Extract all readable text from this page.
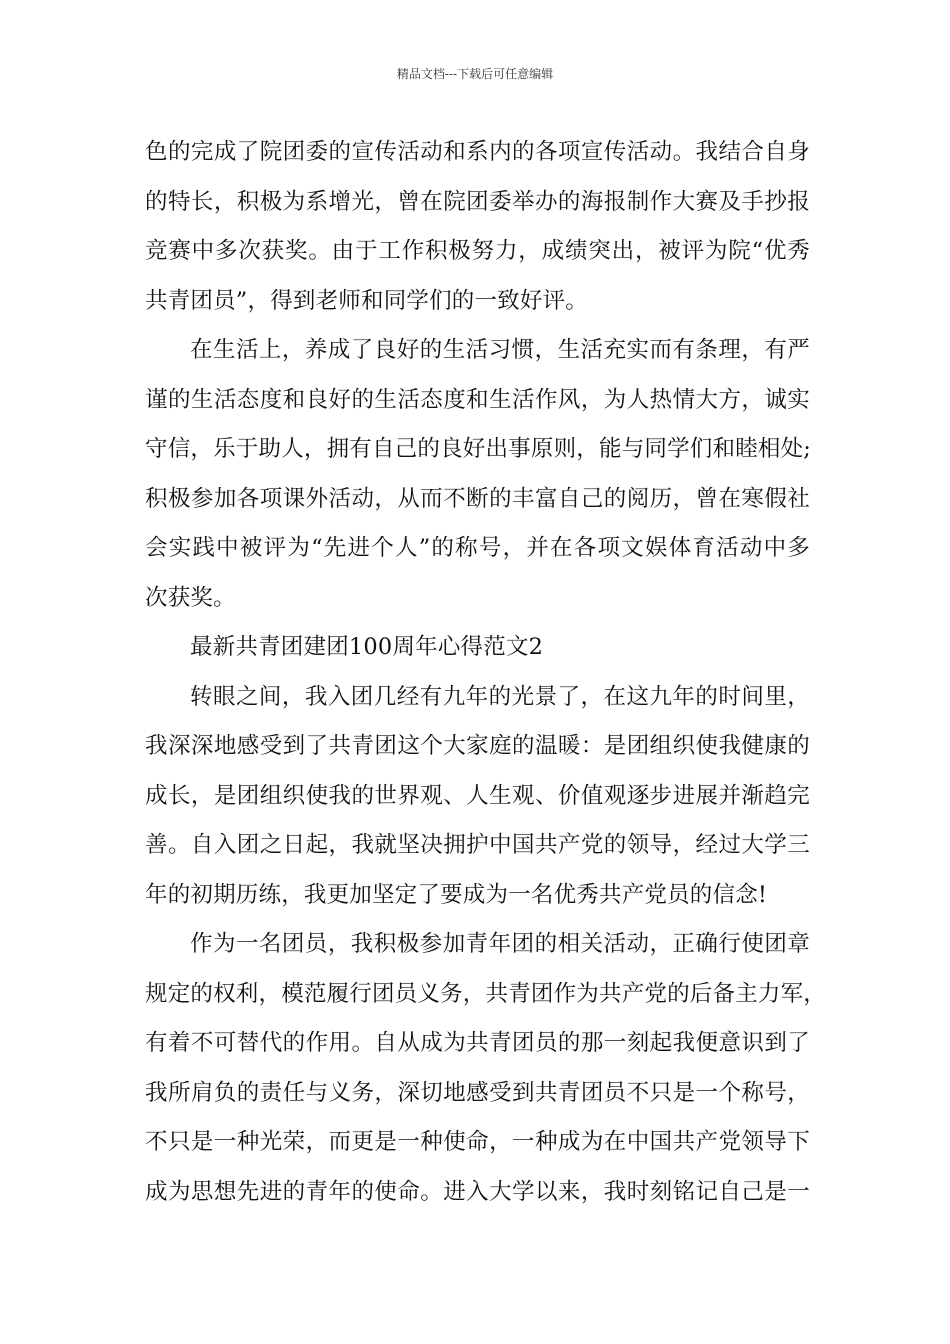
精品文档---下载后可任意编辑
色的完成了院团委的宣传活动和系内的各项宣传活动。我结合自身
的特长，积极为系增光，曾在院团委举办的海报制作大赛及手抄报
竞赛中多次获奖。由于工作积极努力，成绩突出，被评为院“优秀
共青团员”，得到老师和同学们的一致好评。
在生活上，养成了良好的生活习惯，生活充实而有条理，有严
谨的生活态度和良好的生活态度和生活作风，为人热情大方，诚实
守信，乐于助人，拥有自己的良好出事原则，能与同学们和睦相处;
积极参加各项课外活动，从而不断的丰富自己的阅历，曾在寒假社
会实践中被评为“先进个人”的称号，并在各项文娱体育活动中多
次获奖。
最新共青团建团100周年心得范文2
转眼之间，我入团几经有九年的光景了，在这九年的时间里，
我深深地感受到了共青团这个大家庭的温暖：是团组织使我健康的
成长，是团组织使我的世界观、人生观、价值观逐步进展并渐趋完
善。自入团之日起，我就坚决拥护中国共产党的领导，经过大学三
年的初期历练，我更加坚定了要成为一名优秀共产党员的信念!
作为一名团员，我积极参加青年团的相关活动，正确行使团章
规定的权利，模范履行团员义务，共青团作为共产党的后备主力军，
有着不可替代的作用。自从成为共青团员的那一刻起我便意识到了
我所肩负的责任与义务，深切地感受到共青团员不只是一个称号，
不只是一种光荣，而更是一种使命，一种成为在中国共产党领导下
成为思想先进的青年的使命。进入大学以来，我时刻铭记自己是一
